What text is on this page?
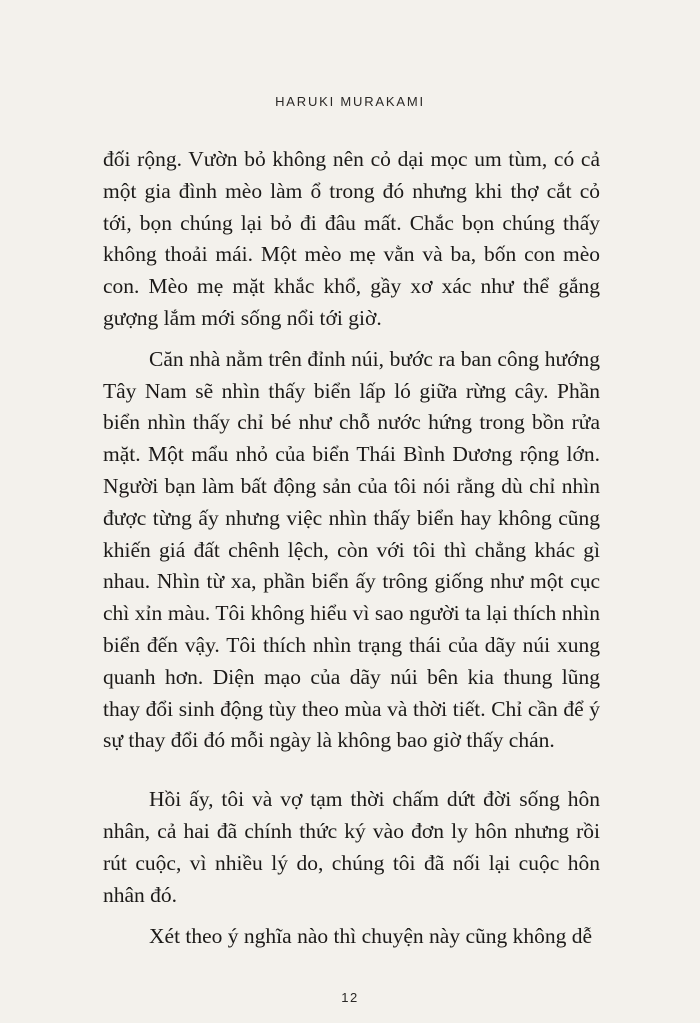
HARUKI MURAKAMI

đối rộng. Vườn bỏ không nên cỏ dại mọc um tùm, có cả một gia đình mèo làm ổ trong đó nhưng khi thợ cắt cỏ tới, bọn chúng lại bỏ đi đâu mất. Chắc bọn chúng thấy không thoải mái. Một mèo mẹ vằn và ba, bốn con mèo con. Mèo mẹ mặt khắc khổ, gầy xơ xác như thể gắng gượng lắm mới sống nổi tới giờ.

Căn nhà nằm trên đỉnh núi, bước ra ban công hướng Tây Nam sẽ nhìn thấy biển lấp ló giữa rừng cây. Phần biển nhìn thấy chỉ bé như chỗ nước hứng trong bồn rửa mặt. Một mẩu nhỏ của biển Thái Bình Dương rộng lớn. Người bạn làm bất động sản của tôi nói rằng dù chỉ nhìn được từng ấy nhưng việc nhìn thấy biển hay không cũng khiến giá đất chênh lệch, còn với tôi thì chẳng khác gì nhau. Nhìn từ xa, phần biển ấy trông giống như một cục chì xỉn màu. Tôi không hiểu vì sao người ta lại thích nhìn biển đến vậy. Tôi thích nhìn trạng thái của dãy núi xung quanh hơn. Diện mạo của dãy núi bên kia thung lũng thay đổi sinh động tùy theo mùa và thời tiết. Chỉ cần để ý sự thay đổi đó mỗi ngày là không bao giờ thấy chán.

Hồi ấy, tôi và vợ tạm thời chấm dứt đời sống hôn nhân, cả hai đã chính thức ký vào đơn ly hôn nhưng rồi rút cuộc, vì nhiều lý do, chúng tôi đã nối lại cuộc hôn nhân đó.

Xét theo ý nghĩa nào thì chuyện này cũng không dễ

12
